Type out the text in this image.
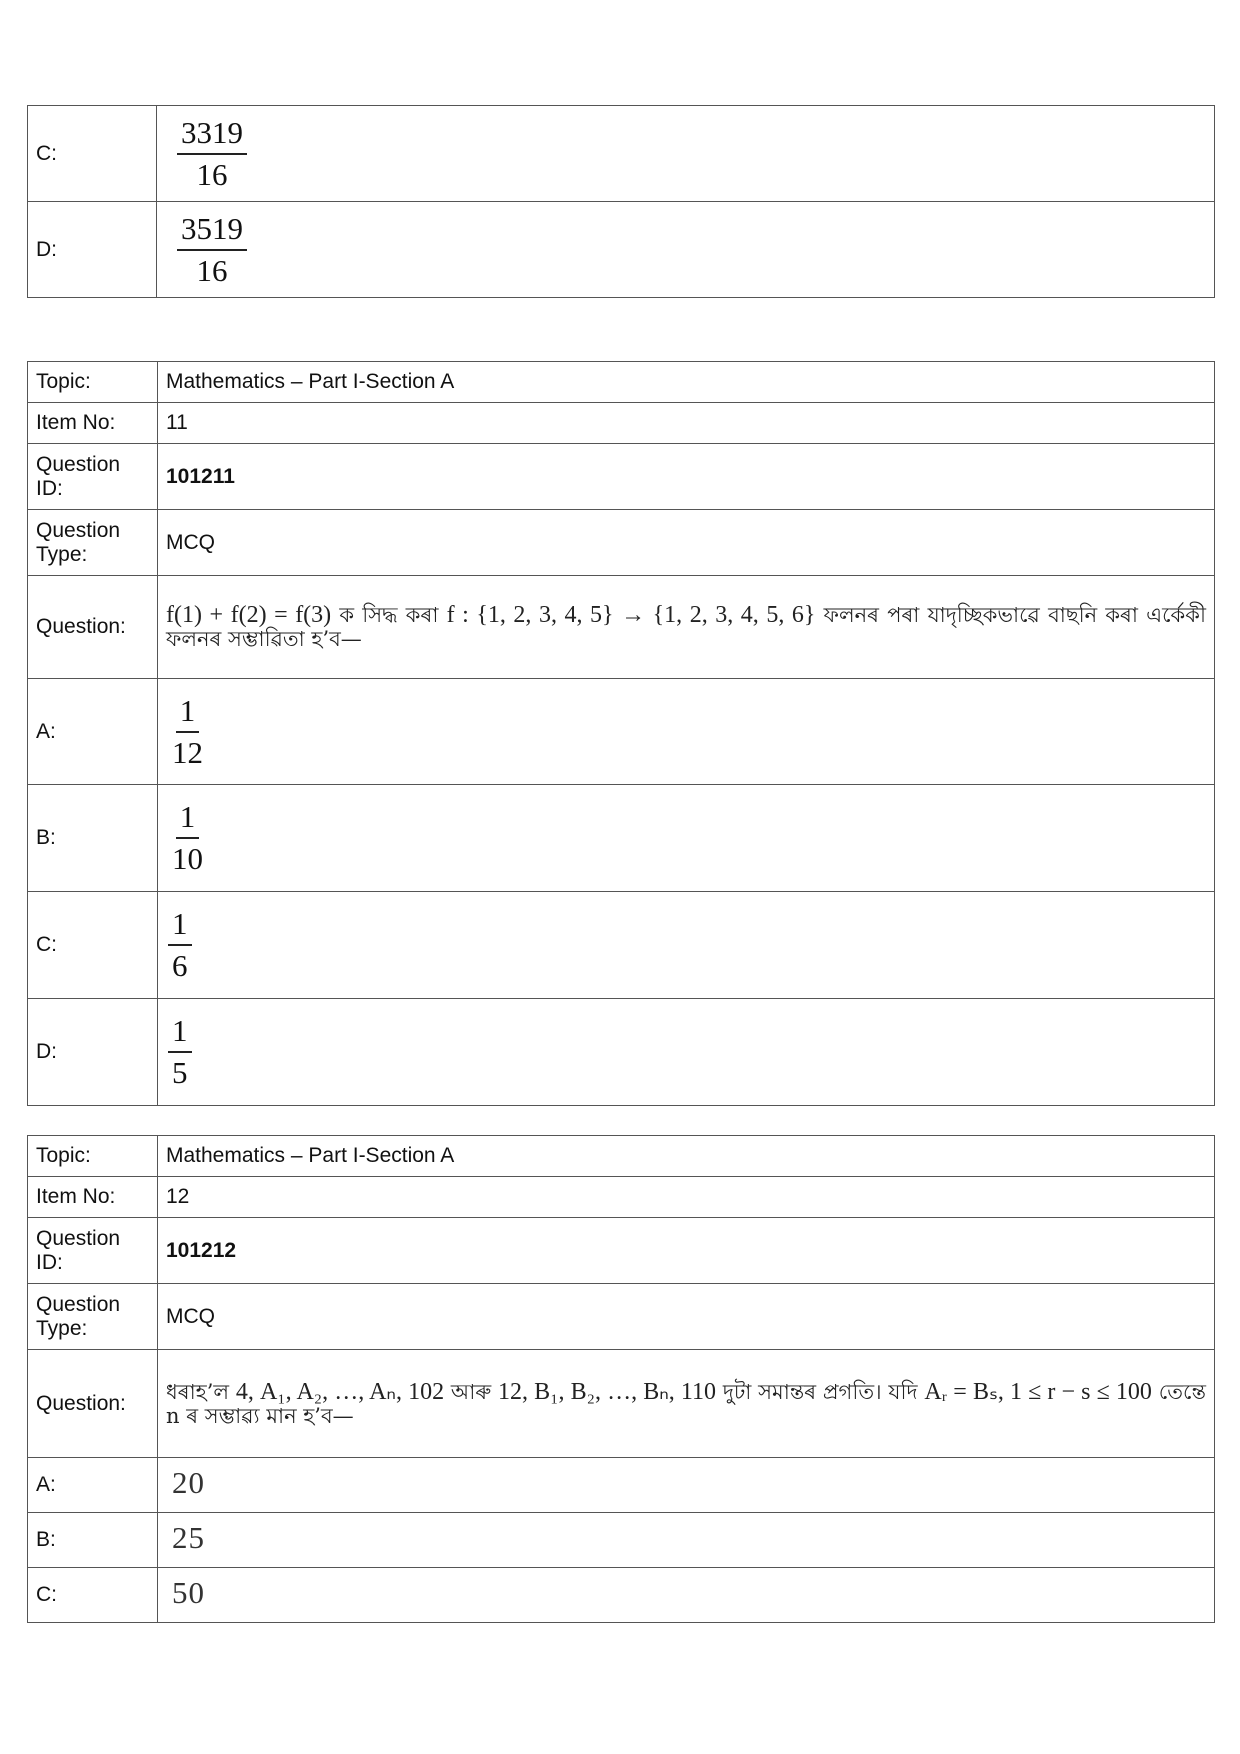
C:	$\frac{3319}{16}$

D:	$\frac{3519}{16}$
Topic:	Mathematics – Part I-Section A
Item No:	11
Question ID:	101211
Question Type:	MCQ
Question:	f(1) + f(2) = f(3) ক সিদ্ধ কৰা f : {1, 2, 3, 4, 5} → {1, 2, 3, 4, 5, 6} ফলনৰ পৰা যাদৃচ্ছিকভাৱে বাছনি কৰা এৰ্কেকী ফলনৰ সম্ভাৱিতা হ’ব—
A:	$\frac{1}{12}$

B:	$\frac{1}{10}$

C:	$\frac{1}{6}$

D:	$\frac{1}{5}$
Topic:	Mathematics – Part I-Section A
Item No:	12
Question ID:	101212
Question Type:	MCQ
Question:	ধৰাহ’ল 4, A₁, A₂, …, Aₙ, 102 আৰু 12, B₁, B₂, …, Bₙ, 110 দুটা সমান্তৰ প্ৰগতি। যদি Aᵣ = Bₛ, 1 ≤ r − s ≤ 100 তেন্তে n ৰ সম্ভাৱ্য মান হ’ব—
A:	20
B:	25
C:	50
